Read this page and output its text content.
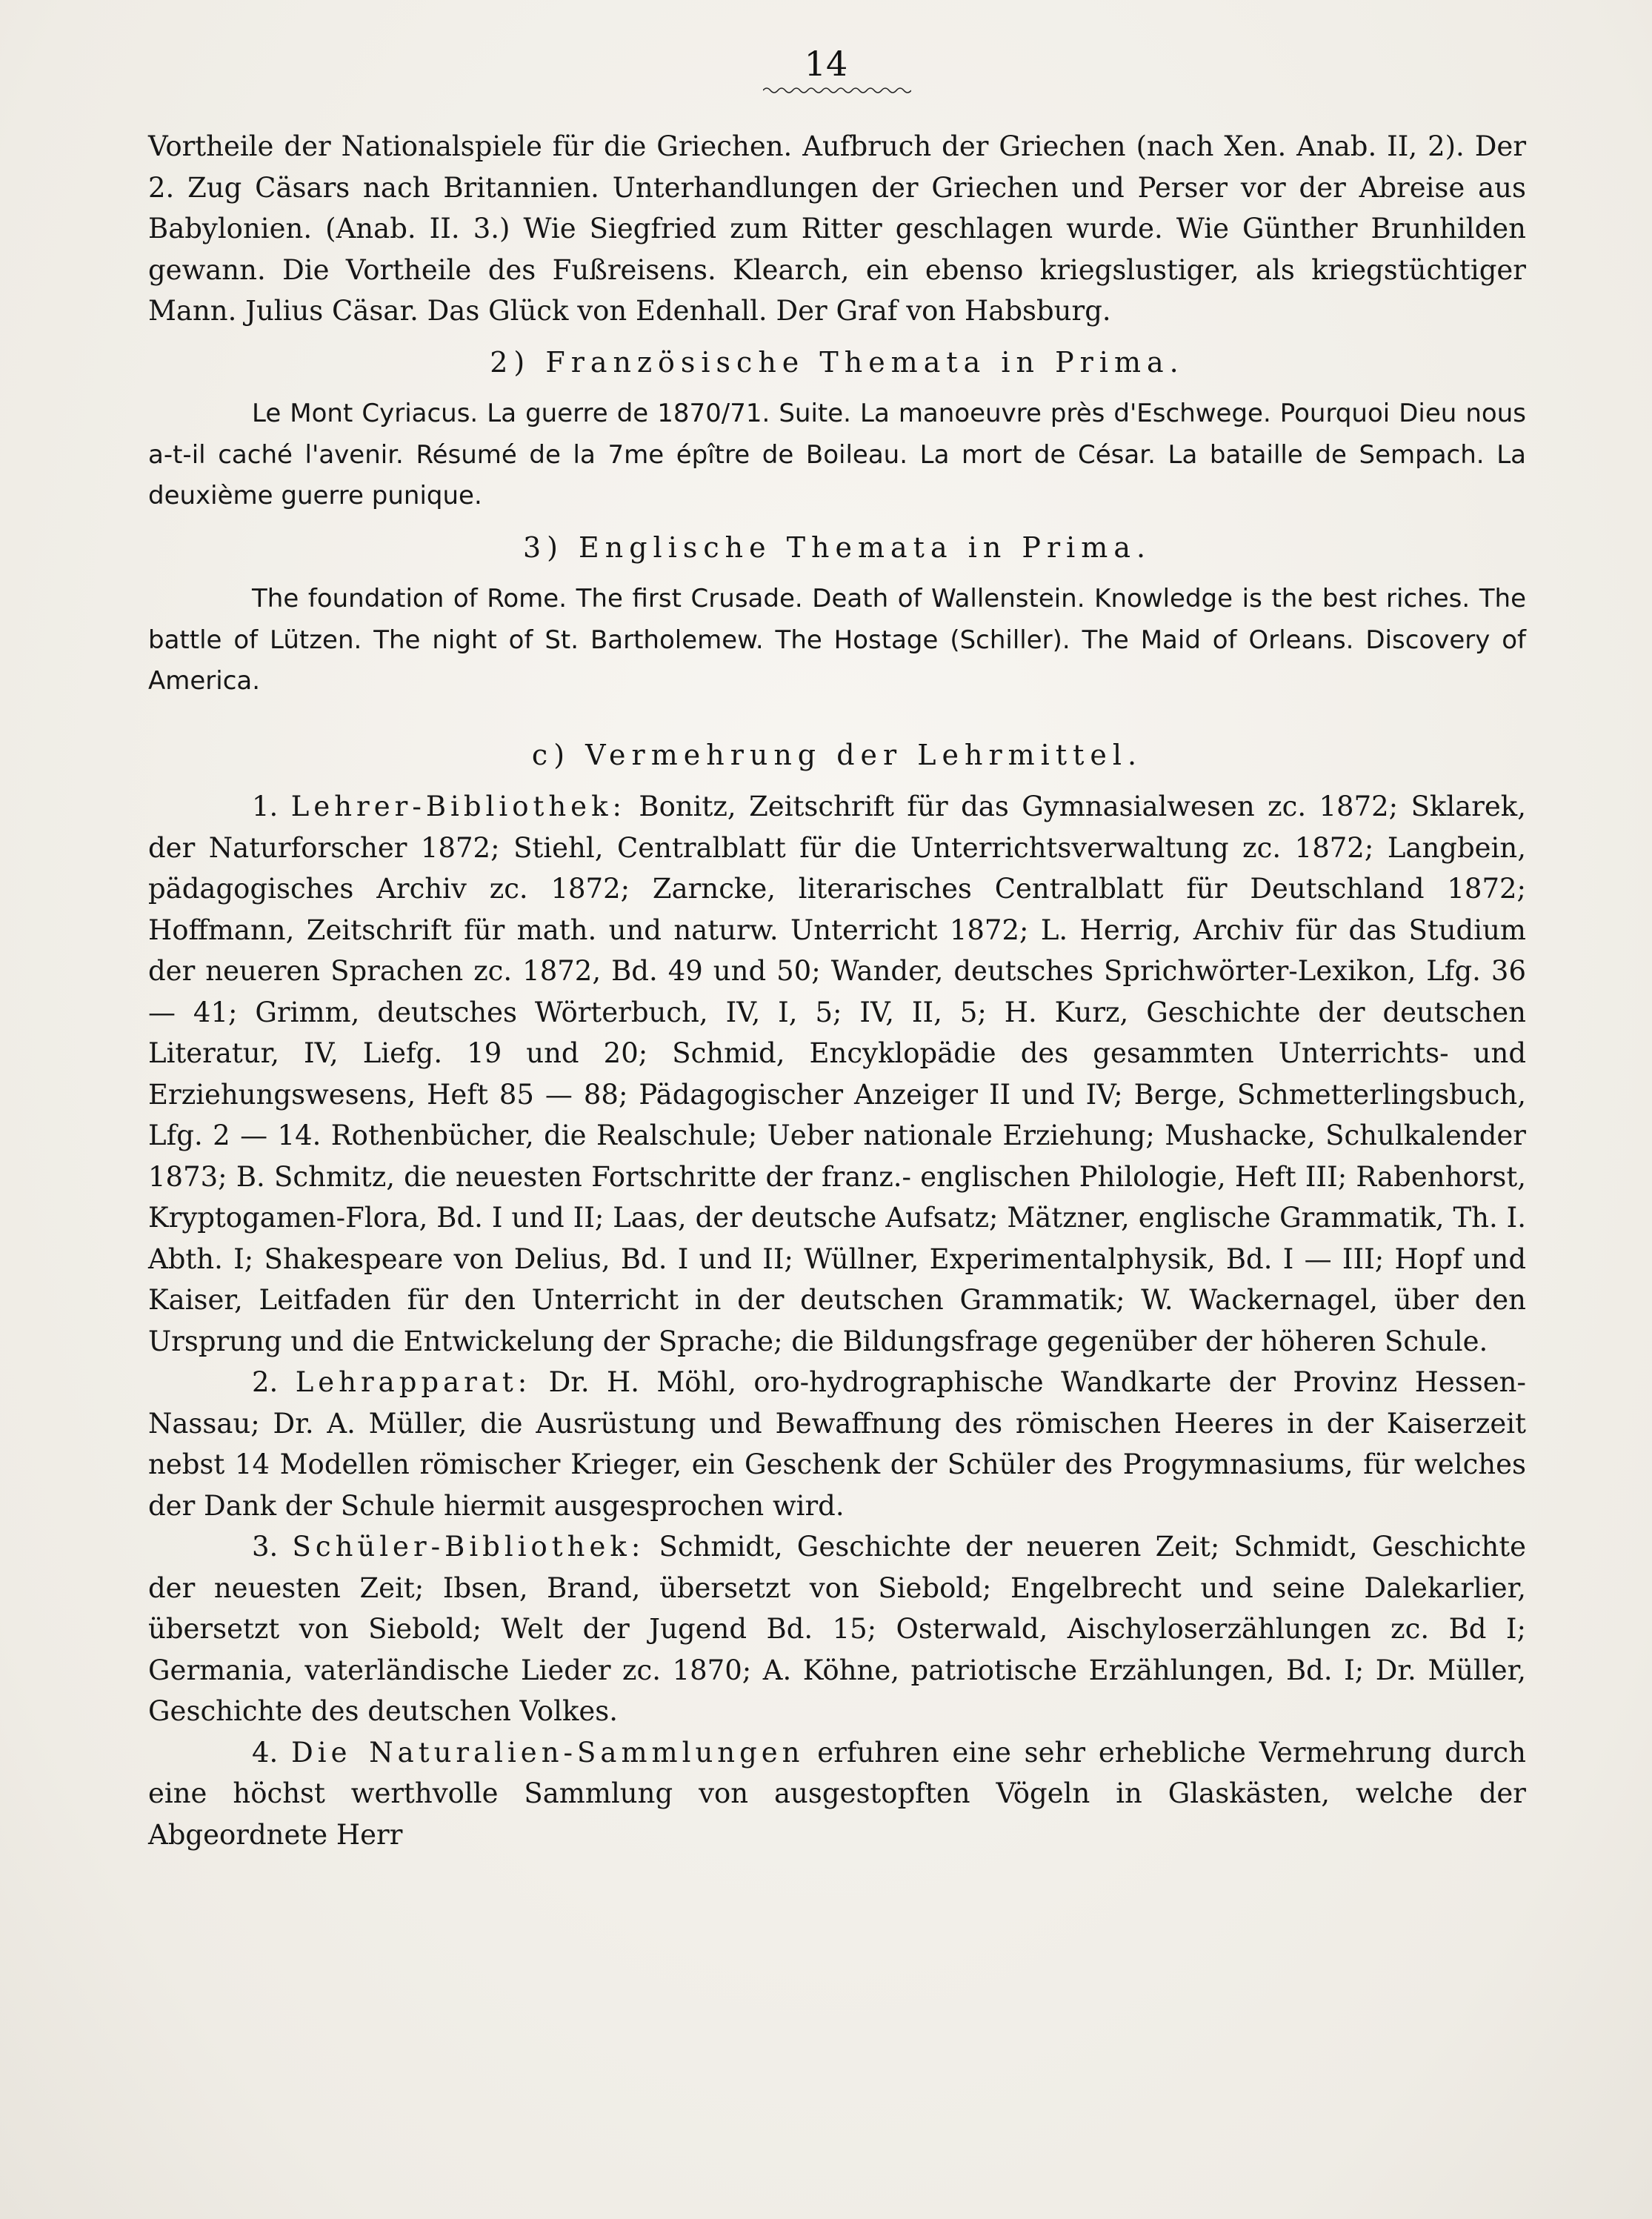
14

Vortheile der Nationalspiele für die Griechen. Aufbruch der Griechen (nach Xen. Anab. II, 2). Der 2. Zug Cäsars nach Britannien. Unterhandlungen der Griechen und Perser vor der Abreise aus Babylonien. (Anab. II. 3.) Wie Siegfried zum Ritter geschlagen wurde. Wie Günther Brunhilden gewann. Die Vortheile des Fußreisens. Klearch, ein ebenso kriegslustiger, als kriegstüchtiger Mann. Julius Cäsar. Das Glück von Edenhall. Der Graf von Habsburg.

2) Französische Themata in Prima.

Le Mont Cyriacus. La guerre de 1870/71. Suite. La manoeuvre près d'Eschwege. Pourquoi Dieu nous a-t-il caché l'avenir. Résumé de la 7me épître de Boileau. La mort de César. La bataille de Sempach. La deuxième guerre punique.

3) Englische Themata in Prima.

The foundation of Rome. The first Crusade. Death of Wallenstein. Knowledge is the best riches. The battle of Lützen. The night of St. Bartholemew. The Hostage (Schiller). The Maid of Orleans. Discovery of America.

c) Vermehrung der Lehrmittel.

1. Lehrer-Bibliothek: Bonitz, Zeitschrift für das Gymnasialwesen zc. 1872; Sklarek, der Naturforscher 1872; Stiehl, Centralblatt für die Unterrichtsverwaltung zc. 1872; Langbein, pädagogisches Archiv zc. 1872; Zarncke, literarisches Centralblatt für Deutschland 1872; Hoffmann, Zeitschrift für math. und naturw. Unterricht 1872; L. Herrig, Archiv für das Studium der neueren Sprachen zc. 1872, Bd. 49 und 50; Wander, deutsches Sprichwörter-Lexikon, Lfg. 36 — 41; Grimm, deutsches Wörterbuch, IV, I, 5; IV, II, 5; H. Kurz, Geschichte der deutschen Literatur, IV, Liefg. 19 und 20; Schmid, Encyklopädie des gesammten Unterrichts- und Erziehungswesens, Heft 85 — 88; Pädagogischer Anzeiger II und IV; Berge, Schmetterlingsbuch, Lfg. 2 — 14. Rothenbücher, die Realschule; Ueber nationale Erziehung; Mushacke, Schulkalender 1873; B. Schmitz, die neuesten Fortschritte der franz.- englischen Philologie, Heft III; Rabenhorst, Kryptogamen-Flora, Bd. I und II; Laas, der deutsche Aufsatz; Mätzner, englische Grammatik, Th. I. Abth. I; Shakespeare von Delius, Bd. I und II; Wüllner, Experimentalphysik, Bd. I — III; Hopf und Kaiser, Leitfaden für den Unterricht in der deutschen Grammatik; W. Wackernagel, über den Ursprung und die Entwickelung der Sprache; die Bildungsfrage gegenüber der höheren Schule.

2. Lehrapparat: Dr. H. Möhl, oro-hydrographische Wandkarte der Provinz Hessen-Nassau; Dr. A. Müller, die Ausrüstung und Bewaffnung des römischen Heeres in der Kaiserzeit nebst 14 Modellen römischer Krieger, ein Geschenk der Schüler des Progymnasiums, für welches der Dank der Schule hiermit ausgesprochen wird.

3. Schüler-Bibliothek: Schmidt, Geschichte der neueren Zeit; Schmidt, Geschichte der neuesten Zeit; Ibsen, Brand, übersetzt von Siebold; Engelbrecht und seine Dalekarlier, übersetzt von Siebold; Welt der Jugend Bd. 15; Osterwald, Aischyloserzählungen zc. Bd I; Germania, vaterländische Lieder zc. 1870; A. Köhne, patriotische Erzählungen, Bd. I; Dr. Müller, Geschichte des deutschen Volkes.

4. Die Naturalien-Sammlungen erfuhren eine sehr erhebliche Vermehrung durch eine höchst werthvolle Sammlung von ausgestopften Vögeln in Glaskästen, welche der Abgeordnete Herr
